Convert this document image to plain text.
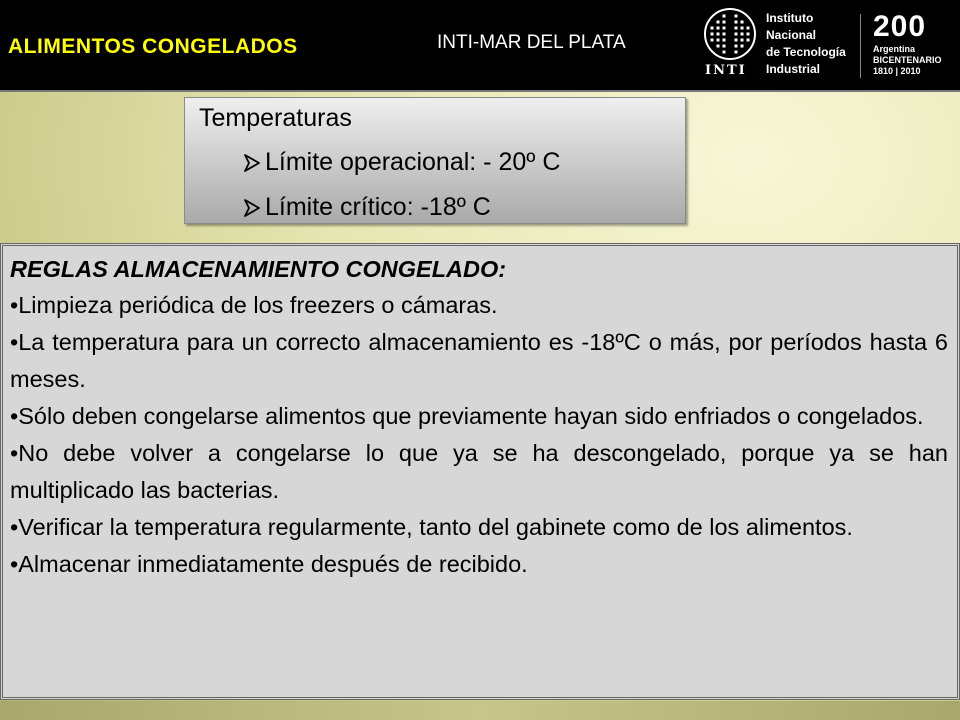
ALIMENTOS CONGELADOS	INTI-MAR DEL PLATA
INTI
Instituto
Nacional
de Tecnología
Industrial
200
Argentina
BICENTENARIO
1810 | 2010
Temperaturas
Límite operacional: - 20º C
Límite crítico: -18º C
REGLAS ALMACENAMIENTO CONGELADO:

•Limpieza periódica de los freezers o cámaras.

•La temperatura para un correcto almacenamiento es -18ºC o más, por períodos hasta 6 meses.

•Sólo deben congelarse alimentos que previamente hayan sido enfriados o congelados.

•No debe volver a congelarse lo que ya se ha descongelado, porque ya se han multiplicado las bacterias.

•Verificar la temperatura regularmente, tanto del gabinete como de los alimentos.

•Almacenar inmediatamente después de recibido.
